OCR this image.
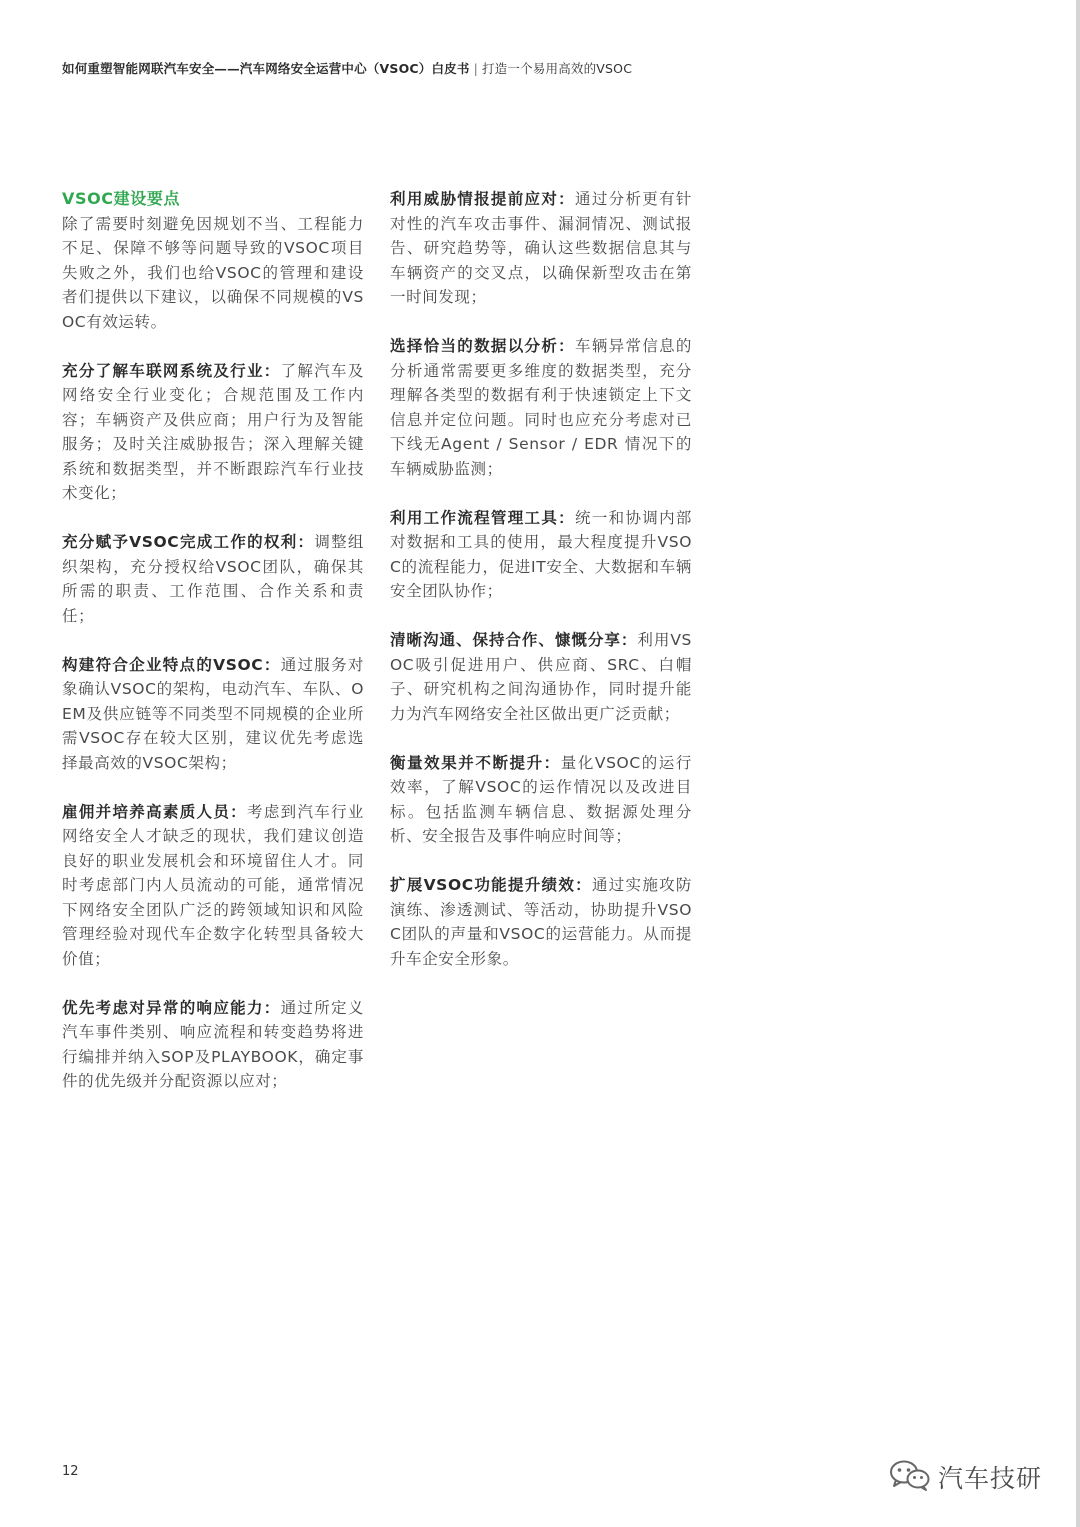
如何重塑智能网联汽车安全——汽车网络安全运营中心（VSOC）白皮书 | 打造一个易用高效的VSOC

VSOC建设要点
除了需要时刻避免因规划不当、工程能力不足、保障不够等问题导致的VSOC项目失败之外，我们也给VSOC的管理和建设者们提供以下建议，以确保不同规模的VSOC有效运转。

充分了解车联网系统及行业：了解汽车及网络安全行业变化；合规范围及工作内容；车辆资产及供应商；用户行为及智能服务；及时关注威胁报告；深入理解关键系统和数据类型，并不断跟踪汽车行业技术变化；

充分赋予VSOC完成工作的权利：调整组织架构，充分授权给VSOC团队，确保其所需的职责、工作范围、合作关系和责任；

构建符合企业特点的VSOC：通过服务对象确认VSOC的架构，电动汽车、车队、OEM及供应链等不同类型不同规模的企业所需VSOC存在较大区别，建议优先考虑选择最高效的VSOC架构；

雇佣并培养高素质人员：考虑到汽车行业网络安全人才缺乏的现状，我们建议创造良好的职业发展机会和环境留住人才。同时考虑部门内人员流动的可能，通常情况下网络安全团队广泛的跨领域知识和风险管理经验对现代车企数字化转型具备较大价值；

优先考虑对异常的响应能力：通过所定义汽车事件类别、响应流程和转变趋势将进行编排并纳入SOP及PLAYBOOK，确定事件的优先级并分配资源以应对；

利用威胁情报提前应对：通过分析更有针对性的汽车攻击事件、漏洞情况、测试报告、研究趋势等，确认这些数据信息其与车辆资产的交叉点，以确保新型攻击在第一时间发现；

选择恰当的数据以分析：车辆异常信息的分析通常需要更多维度的数据类型，充分理解各类型的数据有利于快速锁定上下文信息并定位问题。同时也应充分考虑对已下线无Agent / Sensor / EDR 情况下的车辆威胁监测；

利用工作流程管理工具：统一和协调内部对数据和工具的使用，最大程度提升VSOC的流程能力，促进IT安全、大数据和车辆安全团队协作；

清晰沟通、保持合作、慷慨分享：利用VSOC吸引促进用户、供应商、SRC、白帽子、研究机构之间沟通协作，同时提升能力为汽车网络安全社区做出更广泛贡献；

衡量效果并不断提升：量化VSOC的运行效率，了解VSOC的运作情况以及改进目标。包括监测车辆信息、数据源处理分析、安全报告及事件响应时间等；

扩展VSOC功能提升绩效：通过实施攻防演练、渗透测试、等活动，协助提升VSOC团队的声量和VSOC的运营能力。从而提升车企安全形象。

12	汽车技研
